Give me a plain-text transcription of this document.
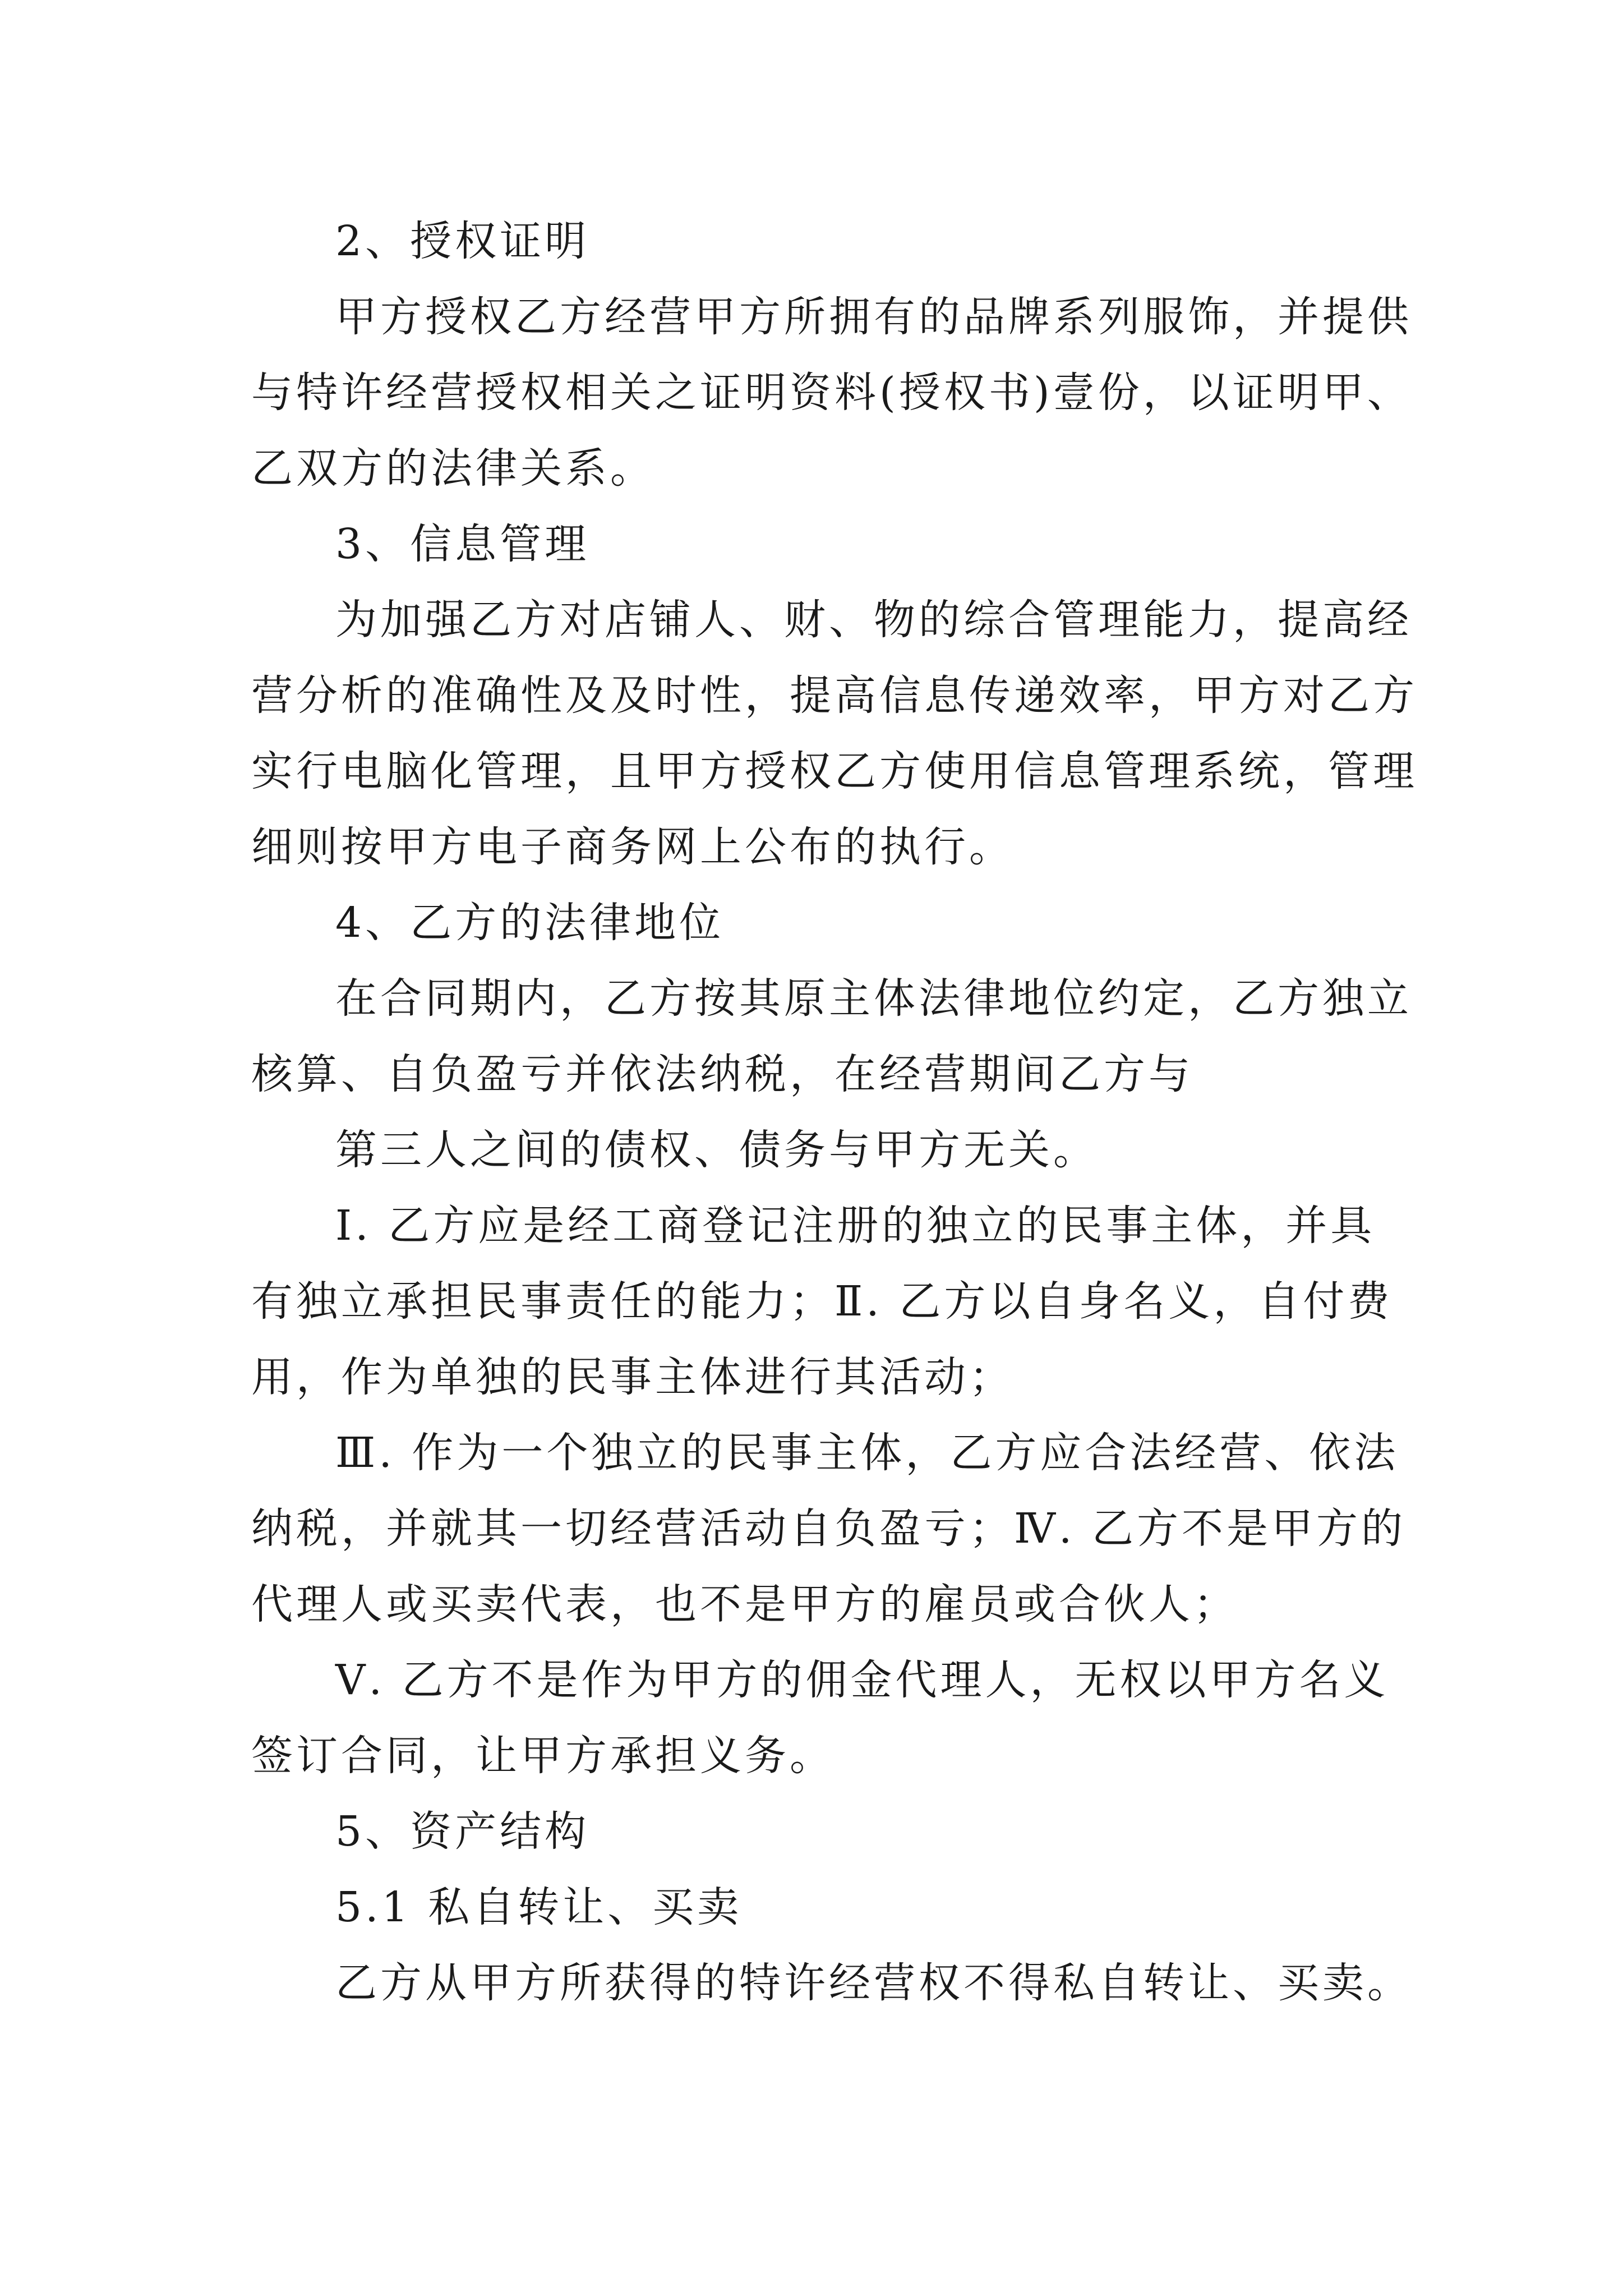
2、授权证明
甲方授权乙方经营甲方所拥有的品牌系列服饰，并提供
与特许经营授权相关之证明资料(授权书)壹份，以证明甲、
乙双方的法律关系。
3、信息管理
为加强乙方对店铺人、财、物的综合管理能力，提高经
营分析的准确性及及时性，提高信息传递效率，甲方对乙方
实行电脑化管理，且甲方授权乙方使用信息管理系统，管理
细则按甲方电子商务网上公布的执行。
4、乙方的法律地位
在合同期内，乙方按其原主体法律地位约定，乙方独立
核算、自负盈亏并依法纳税，在经营期间乙方与
第三人之间的债权、债务与甲方无关。
Ⅰ. 乙方应是经工商登记注册的独立的民事主体，并具
有独立承担民事责任的能力；Ⅱ. 乙方以自身名义，自付费
用，作为单独的民事主体进行其活动；
Ⅲ. 作为一个独立的民事主体，乙方应合法经营、依法
纳税，并就其一切经营活动自负盈亏；Ⅳ. 乙方不是甲方的
代理人或买卖代表，也不是甲方的雇员或合伙人；
Ⅴ. 乙方不是作为甲方的佣金代理人，无权以甲方名义
签订合同，让甲方承担义务。
5、资产结构
5.1 私自转让、买卖
乙方从甲方所获得的特许经营权不得私自转让、买卖。
